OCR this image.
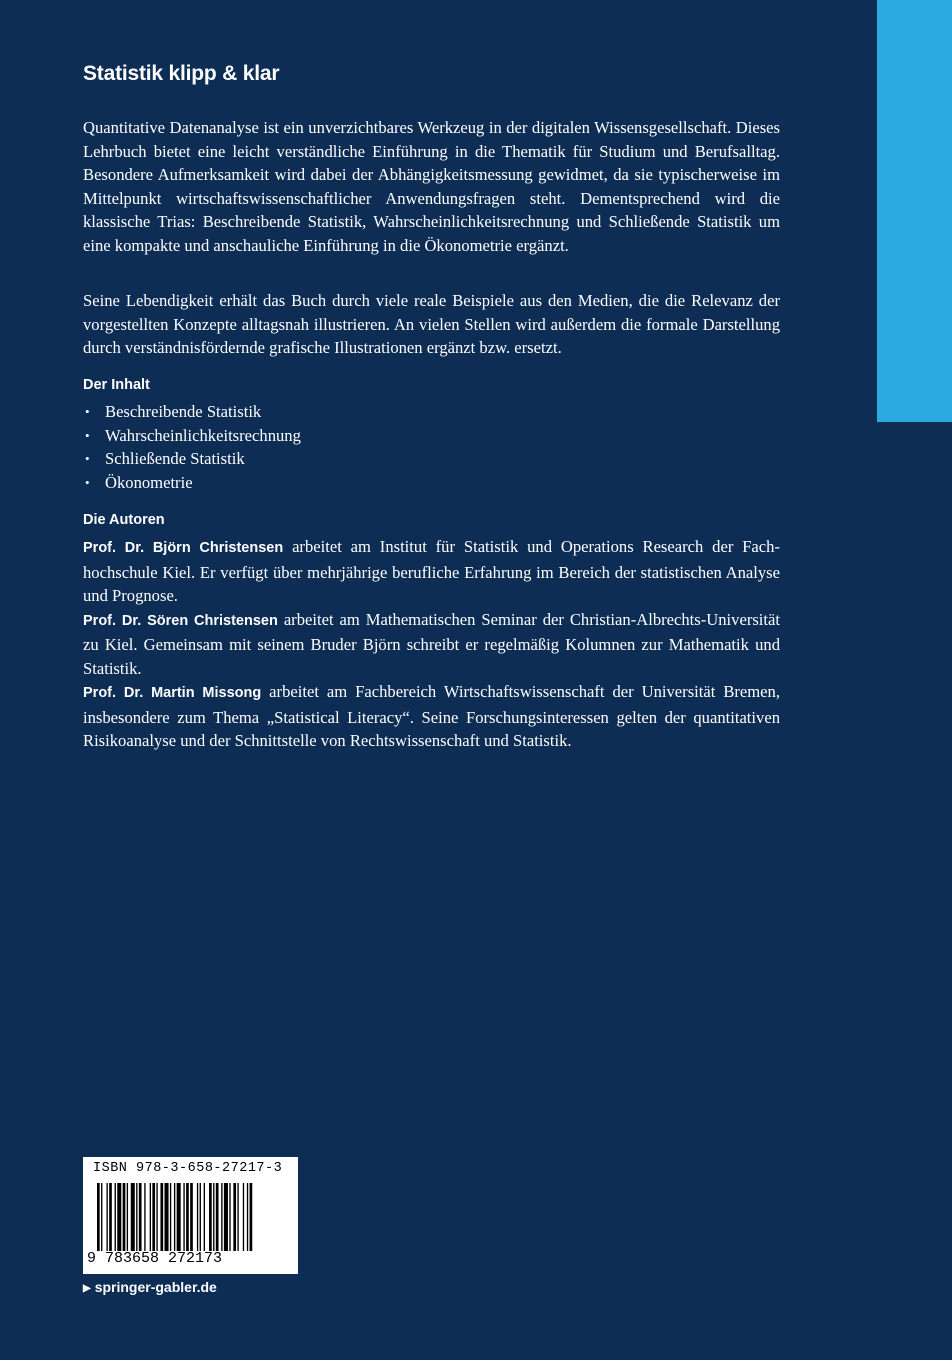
Statistik klipp & klar

Quantitative Datenanalyse ist ein unverzichtbares Werkzeug in der digitalen Wissensgesellschaft. Dieses Lehrbuch bietet eine leicht verständliche Einführung in die Thematik für Studium und Berufsalltag. Besondere Aufmerksamkeit wird dabei der Abhängigkeitsmessung gewidmet, da sie typischerweise im Mittelpunkt wirtschaftswissenschaftlicher Anwendungsfragen steht. Dementsprechend wird die klassische Trias: Beschreibende Statistik, Wahrscheinlichkeitsrechnung und Schließende Statistik um eine kompakte und anschauliche Einführung in die Ökonometrie ergänzt.

Seine Lebendigkeit erhält das Buch durch viele reale Beispiele aus den Medien, die die Relevanz der vorgestellten Konzepte alltagsnah illustrieren. An vielen Stellen wird außerdem die formale Darstellung durch verständnisfördernde grafische Illustrationen ergänzt bzw. ersetzt.

Der Inhalt
• Beschreibende Statistik
• Wahrscheinlichkeitsrechnung
• Schließende Statistik
• Ökonometrie
Die Autoren

Prof. Dr. Björn Christensen arbeitet am Institut für Statistik und Operations Research der Fachhochschule Kiel. Er verfügt über mehrjährige berufliche Erfahrung im Bereich der statistischen Analyse und Prognose.

Prof. Dr. Sören Christensen arbeitet am Mathematischen Seminar der Christian-Albrechts-Universität zu Kiel. Gemeinsam mit seinem Bruder Björn schreibt er regelmäßig Kolumnen zur Mathematik und Statistik.

Prof. Dr. Martin Missong arbeitet am Fachbereich Wirtschaftswissenschaft der Universität Bremen, insbesondere zum Thema „Statistical Literacy“. Seine Forschungsinteressen gelten der quantitativen Risikoanalyse und der Schnittstelle von Rechtswissenschaft und Statistik.

ISBN 978-3-658-27217-3
9 783658 272173
▶ springer-gabler.de
